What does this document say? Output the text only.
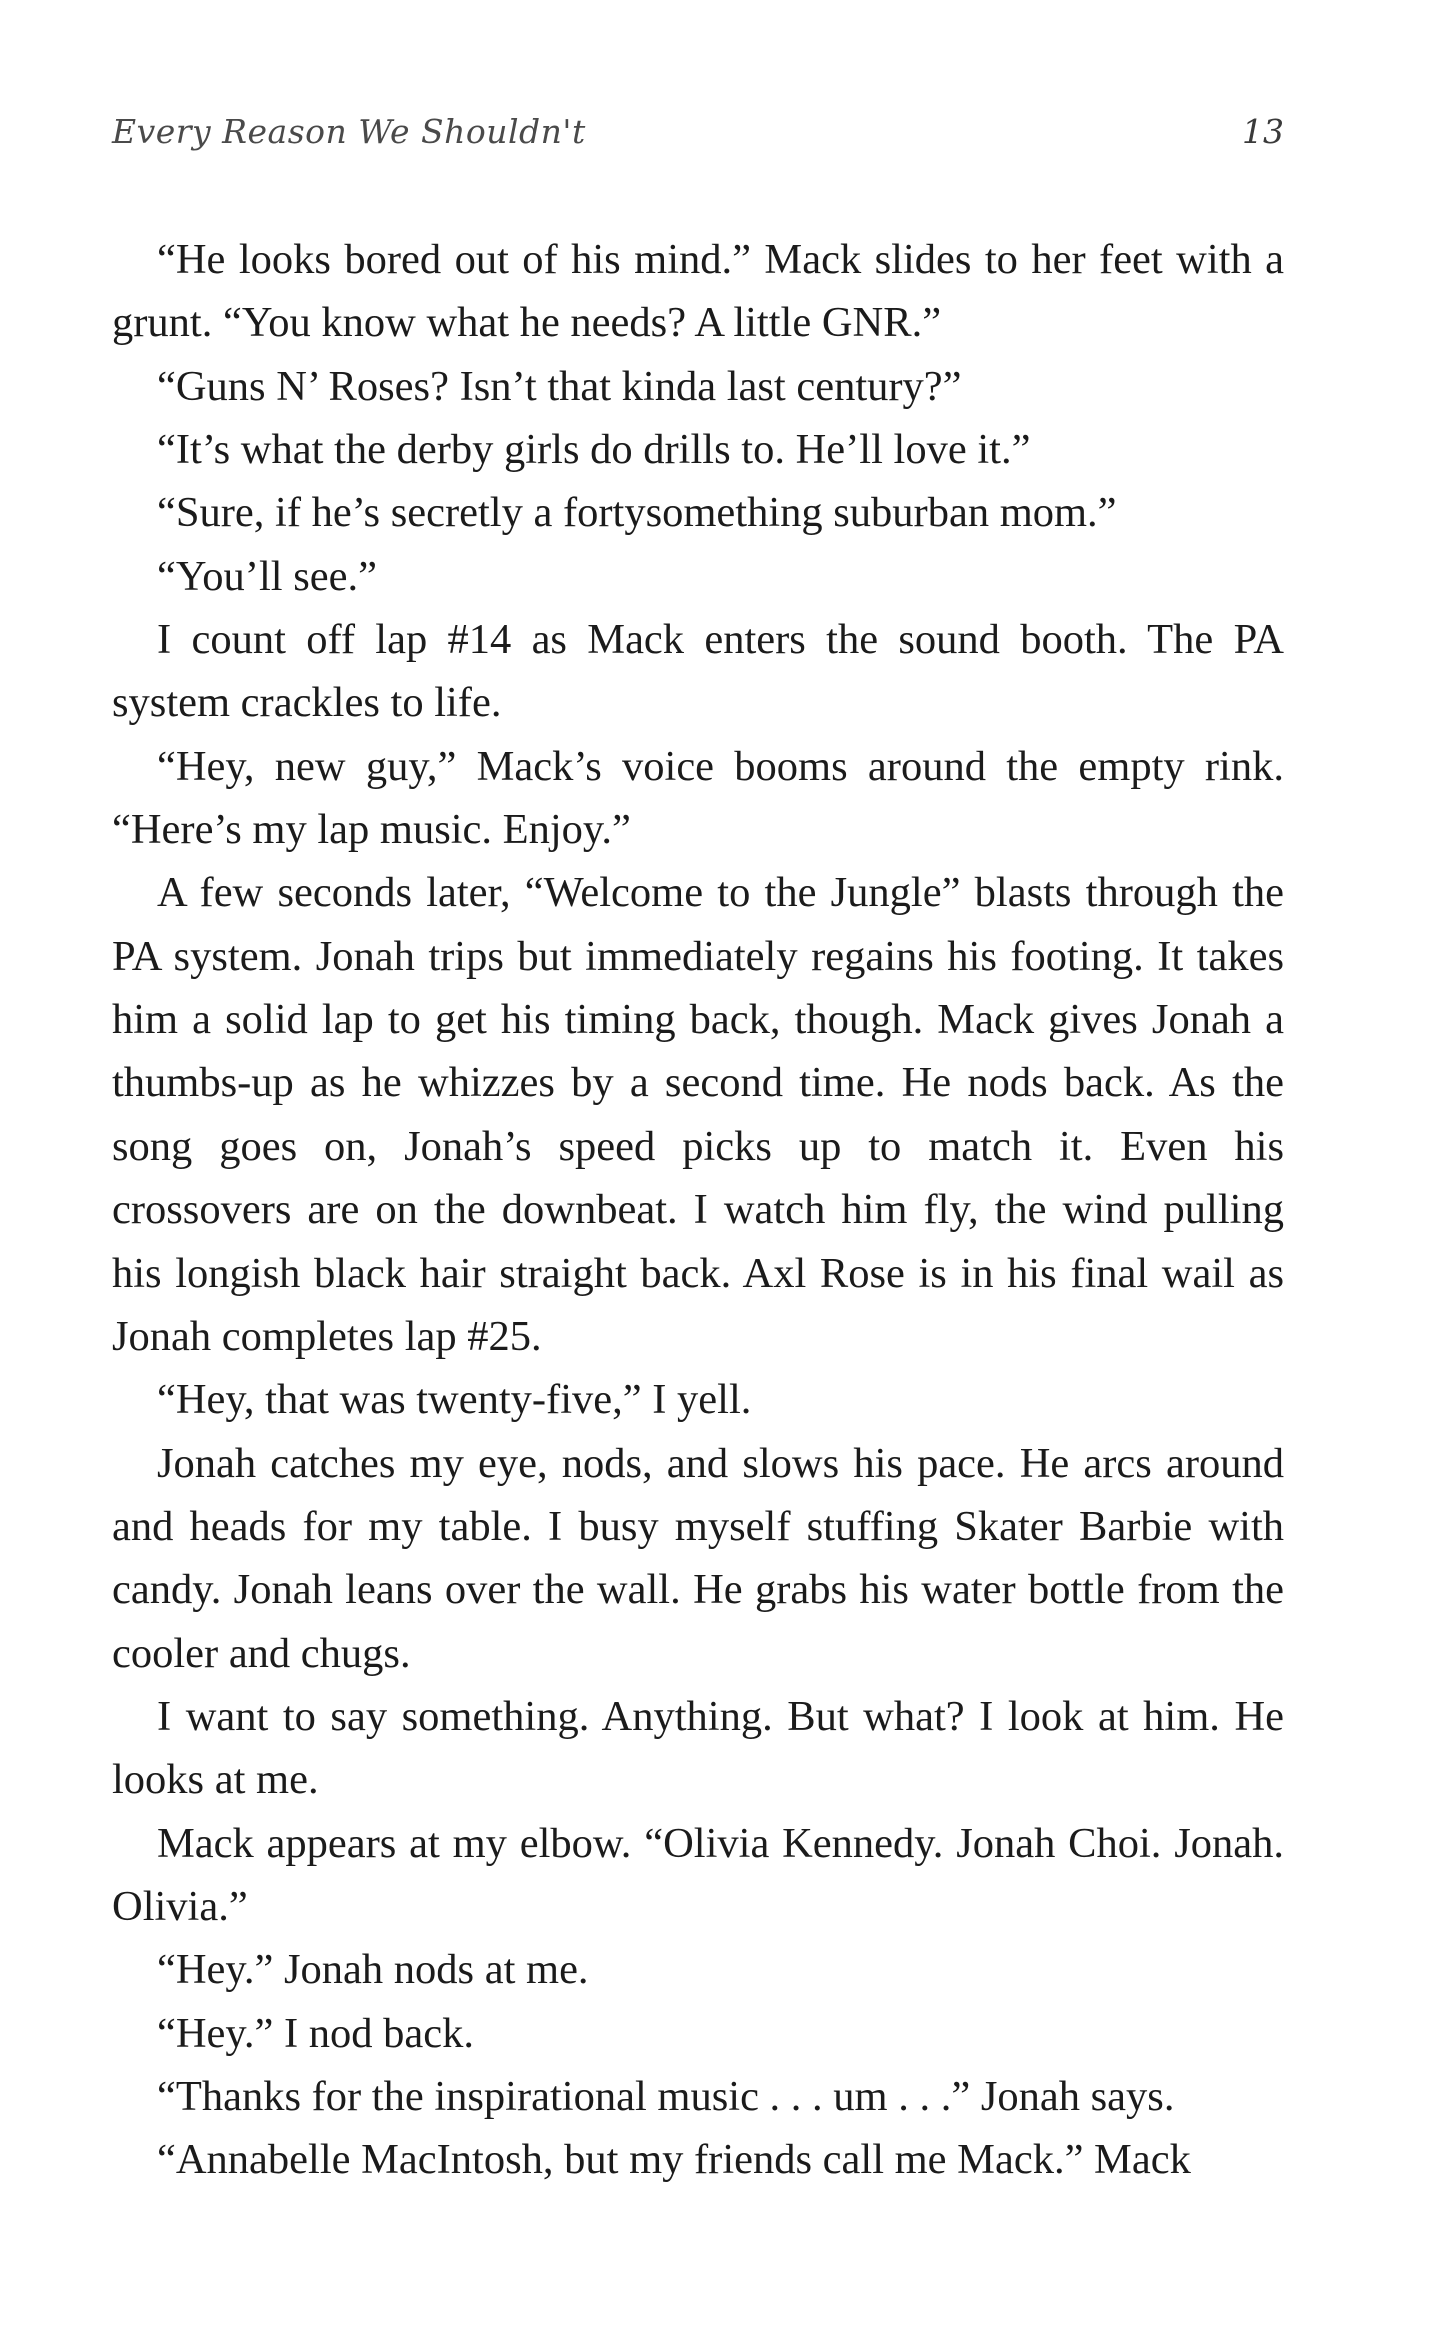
Every Reason We Shouldn't	13

“He looks bored out of his mind.” Mack slides to her feet with a grunt. “You know what he needs? A little GNR.”

“Guns N’ Roses? Isn’t that kinda last century?”

“It’s what the derby girls do drills to. He’ll love it.”

“Sure, if he’s secretly a fortysomething suburban mom.”

“You’ll see.”

I count off lap #14 as Mack enters the sound booth. The PA system crackles to life.

“Hey, new guy,” Mack’s voice booms around the empty rink. “Here’s my lap music. Enjoy.”

A few seconds later, “Welcome to the Jungle” blasts through the PA system. Jonah trips but immediately regains his footing. It takes him a solid lap to get his timing back, though. Mack gives Jonah a thumbs-up as he whizzes by a second time. He nods back. As the song goes on, Jonah’s speed picks up to match it. Even his crossovers are on the downbeat. I watch him fly, the wind pulling his longish black hair straight back. Axl Rose is in his final wail as Jonah completes lap #25.

“Hey, that was twenty-five,” I yell.

Jonah catches my eye, nods, and slows his pace. He arcs around and heads for my table. I busy myself stuffing Skater Barbie with candy. Jonah leans over the wall. He grabs his water bottle from the cooler and chugs.

I want to say something. Anything. But what? I look at him. He looks at me.

Mack appears at my elbow. “Olivia Kennedy. Jonah Choi. Jonah. Olivia.”

“Hey.” Jonah nods at me.

“Hey.” I nod back.

“Thanks for the inspirational music . . . um . . .” Jonah says.

“Annabelle MacIntosh, but my friends call me Mack.” Mack
